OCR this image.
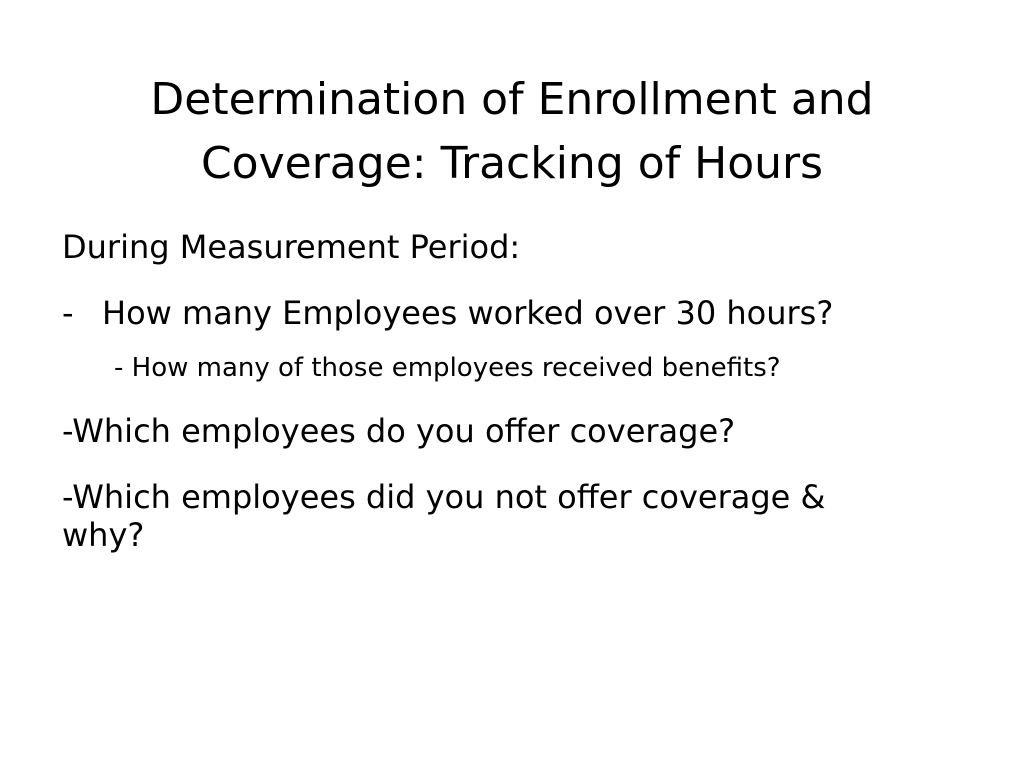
Determination of Enrollment and
Coverage: Tracking of Hours

During Measurement Period:

- How many Employees worked over 30 hours?

- How many of those employees received benefits?

-Which employees do you offer coverage?

-Which employees did you not offer coverage &
why?
